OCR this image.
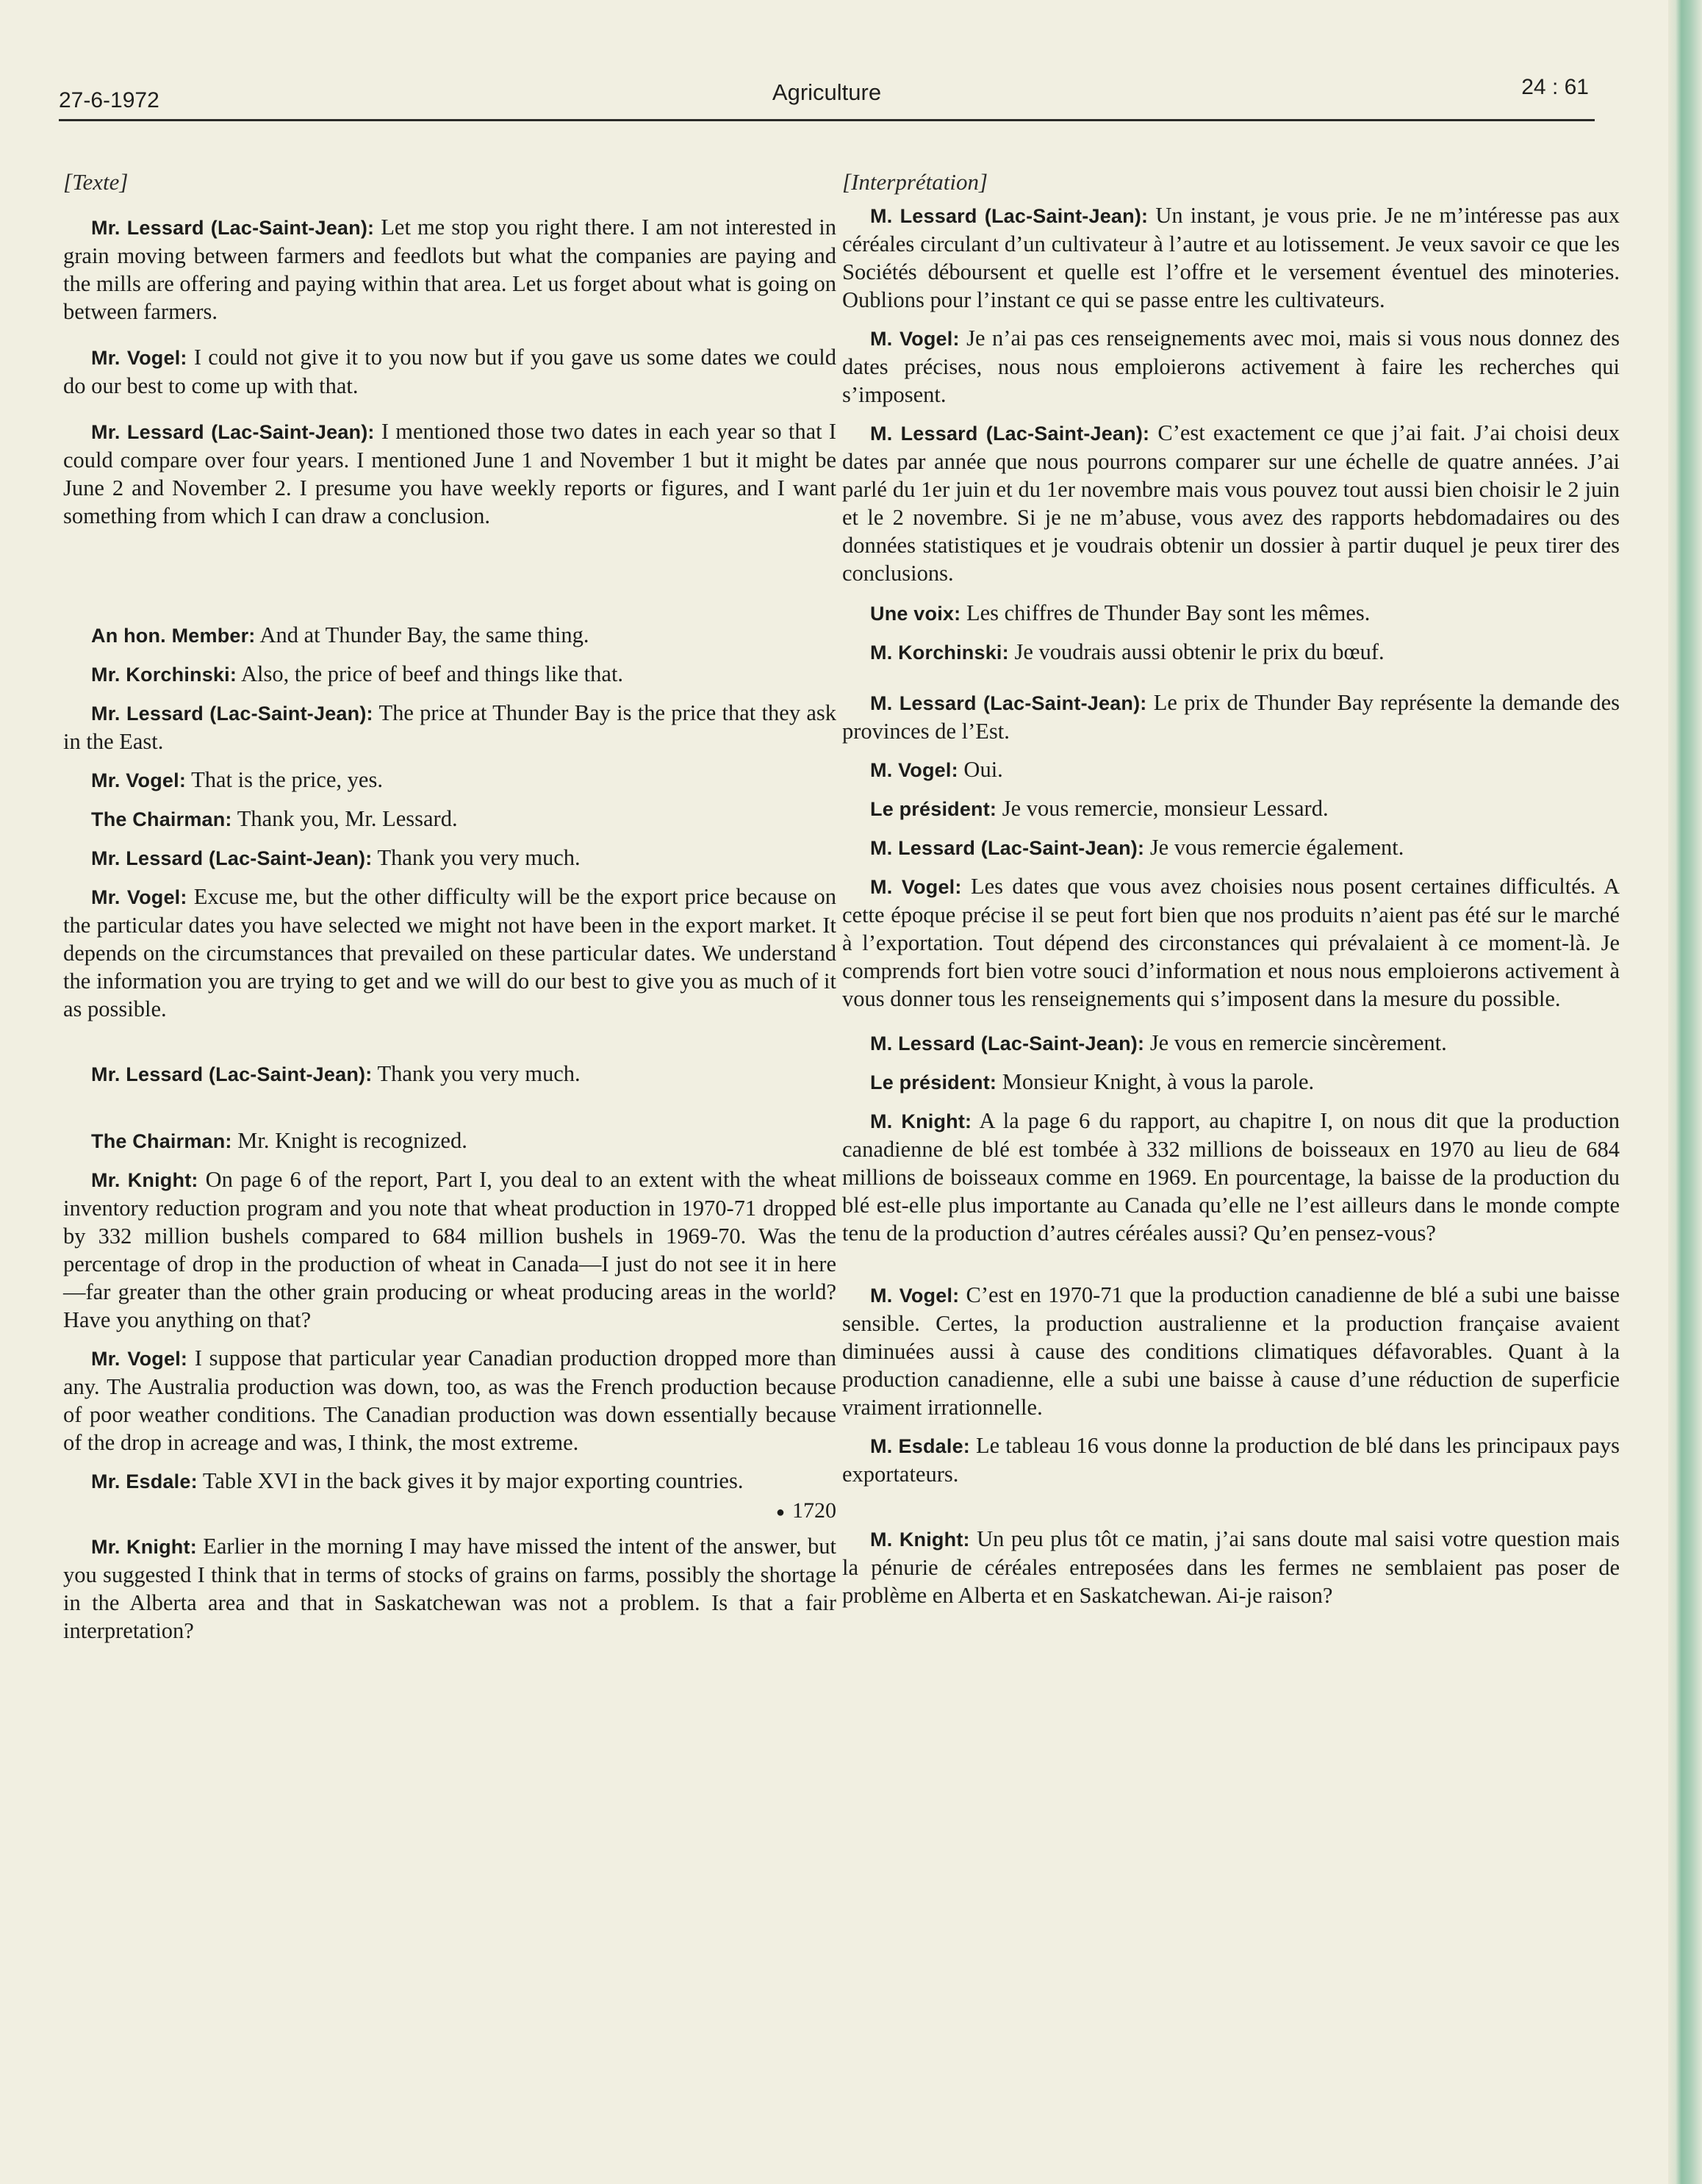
27-6-1972	Agriculture	24 : 61
[Texte]

Mr. Lessard (Lac-Saint-Jean): Let me stop you right there. I am not interested in grain moving between farmers and feedlots but what the companies are paying and the mills are offering and paying within that area. Let us forget about what is going on between farmers.

Mr. Vogel: I could not give it to you now but if you gave us some dates we could do our best to come up with that.

Mr. Lessard (Lac-Saint-Jean): I mentioned those two dates in each year so that I could compare over four years. I mentioned June 1 and November 1 but it might be June 2 and November 2. I presume you have weekly reports or figures, and I want something from which I can draw a conclusion.

An hon. Member: And at Thunder Bay, the same thing.

Mr. Korchinski: Also, the price of beef and things like that.

Mr. Lessard (Lac-Saint-Jean): The price at Thunder Bay is the price that they ask in the East.

Mr. Vogel: That is the price, yes.

The Chairman: Thank you, Mr. Lessard.

Mr. Lessard (Lac-Saint-Jean): Thank you very much.

Mr. Vogel: Excuse me, but the other difficulty will be the export price because on the particular dates you have selected we might not have been in the export market. It depends on the circumstances that prevailed on these particular dates. We understand the information you are trying to get and we will do our best to give you as much of it as possible.

Mr. Lessard (Lac-Saint-Jean): Thank you very much.

The Chairman: Mr. Knight is recognized.

Mr. Knight: On page 6 of the report, Part I, you deal to an extent with the wheat inventory reduction program and you note that wheat production in 1970-71 dropped by 332 million bushels compared to 684 million bushels in 1969-70. Was the percentage of drop in the production of wheat in Canada—I just do not see it in here—far greater than the other grain producing or wheat producing areas in the world? Have you anything on that?

Mr. Vogel: I suppose that particular year Canadian production dropped more than any. The Australia production was down, too, as was the French production because of poor weather conditions. The Canadian production was down essentially because of the drop in acreage and was, I think, the most extreme.

Mr. Esdale: Table XVI in the back gives it by major exporting countries.

● 1720

Mr. Knight: Earlier in the morning I may have missed the intent of the answer, but you suggested I think that in terms of stocks of grains on farms, possibly the shortage in the Alberta area and that in Saskatchewan was not a problem. Is that a fair interpretation?

[Interprétation]

M. Lessard (Lac-Saint-Jean): Un instant, je vous prie. Je ne m’intéresse pas aux céréales circulant d’un cultivateur à l’autre et au lotissement. Je veux savoir ce que les Sociétés déboursent et quelle est l’offre et le versement éventuel des minoteries. Oublions pour l’instant ce qui se passe entre les cultivateurs.

M. Vogel: Je n’ai pas ces renseignements avec moi, mais si vous nous donnez des dates précises, nous nous emploierons activement à faire les recherches qui s’imposent.

M. Lessard (Lac-Saint-Jean): C’est exactement ce que j’ai fait. J’ai choisi deux dates par année que nous pourrons comparer sur une échelle de quatre années. J’ai parlé du 1er juin et du 1er novembre mais vous pouvez tout aussi bien choisir le 2 juin et le 2 novembre. Si je ne m’abuse, vous avez des rapports hebdomadaires ou des données statistiques et je voudrais obtenir un dossier à partir duquel je peux tirer des conclusions.

Une voix: Les chiffres de Thunder Bay sont les mêmes.

M. Korchinski: Je voudrais aussi obtenir le prix du bœuf.

M. Lessard (Lac-Saint-Jean): Le prix de Thunder Bay représente la demande des provinces de l’Est.

M. Vogel: Oui.

Le président: Je vous remercie, monsieur Lessard.

M. Lessard (Lac-Saint-Jean): Je vous remercie également.

M. Vogel: Les dates que vous avez choisies nous posent certaines difficultés. A cette époque précise il se peut fort bien que nos produits n’aient pas été sur le marché à l’exportation. Tout dépend des circonstances qui prévalaient à ce moment-là. Je comprends fort bien votre souci d’information et nous nous emploierons activement à vous donner tous les renseignements qui s’imposent dans la mesure du possible.

M. Lessard (Lac-Saint-Jean): Je vous en remercie sincèrement.

Le président: Monsieur Knight, à vous la parole.

M. Knight: A la page 6 du rapport, au chapitre I, on nous dit que la production canadienne de blé est tombée à 332 millions de boisseaux en 1970 au lieu de 684 millions de boisseaux comme en 1969. En pourcentage, la baisse de la production du blé est-elle plus importante au Canada qu’elle ne l’est ailleurs dans le monde compte tenu de la production d’autres céréales aussi? Qu’en pensez-vous?

M. Vogel: C’est en 1970-71 que la production canadienne de blé a subi une baisse sensible. Certes, la production australienne et la production française avaient diminuées aussi à cause des conditions climatiques défavorables. Quant à la production canadienne, elle a subi une baisse à cause d’une réduction de superficie vraiment irrationnelle.

M. Esdale: Le tableau 16 vous donne la production de blé dans les principaux pays exportateurs.

M. Knight: Un peu plus tôt ce matin, j’ai sans doute mal saisi votre question mais la pénurie de céréales entreposées dans les fermes ne semblaient pas poser de problème en Alberta et en Saskatchewan. Ai-je raison?
